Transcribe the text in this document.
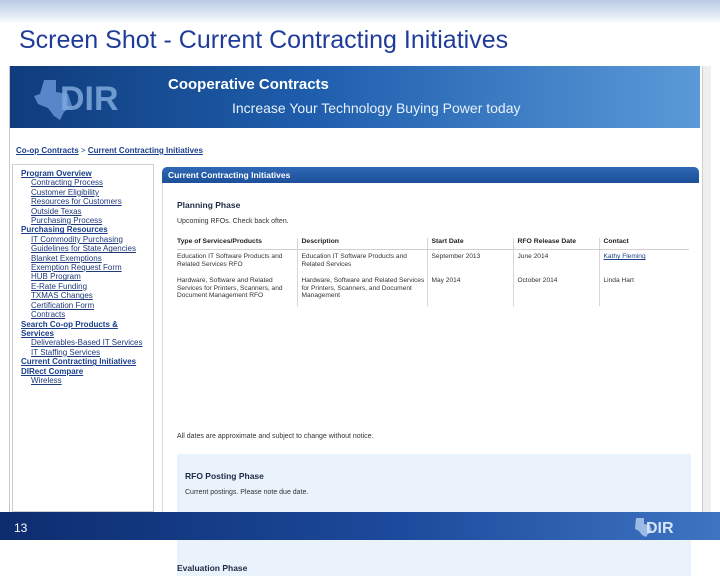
Screen Shot - Current Contracting Initiatives
DIR	Cooperative Contracts
Increase Your Technology Buying Power today
Co-op Contracts > Current Contracting Initiatives
Program Overview
Contracting Process
Customer Eligibility
Resources for Customers Outside Texas
Purchasing Process
Purchasing Resources
IT Commodity Purchasing Guidelines for State Agencies
Blanket Exemptions
Exemption Request Form
HUB Program
E-Rate Funding
TXMAS Changes
Certification Form
Contracts
Search Co-op Products & Services
Deliverables-Based IT Services
IT Staffing Services
Current Contracting Initiatives
DIRect Compare
Wireless
Current Contracting Initiatives
Planning Phase
Upcoming RFOs. Check back often.
Type of Services/Products	Description	Start Date	RFO Release Date	Contact
Education IT Software Products and Related Services RFO	Education IT Software Products and Related Services	September 2013	June 2014	Kathy Fleming
Hardware, Software and Related Services for Printers, Scanners, and Document Management RFO	Hardware, Software and Related Services for Printers, Scanners, and Document Management	May 2014	October 2014	Linda Hart
All dates are approximate and subject to change without notice.
RFO Posting Phase
Current postings. Please note due date.
Evaluation Phase
13	DIR
